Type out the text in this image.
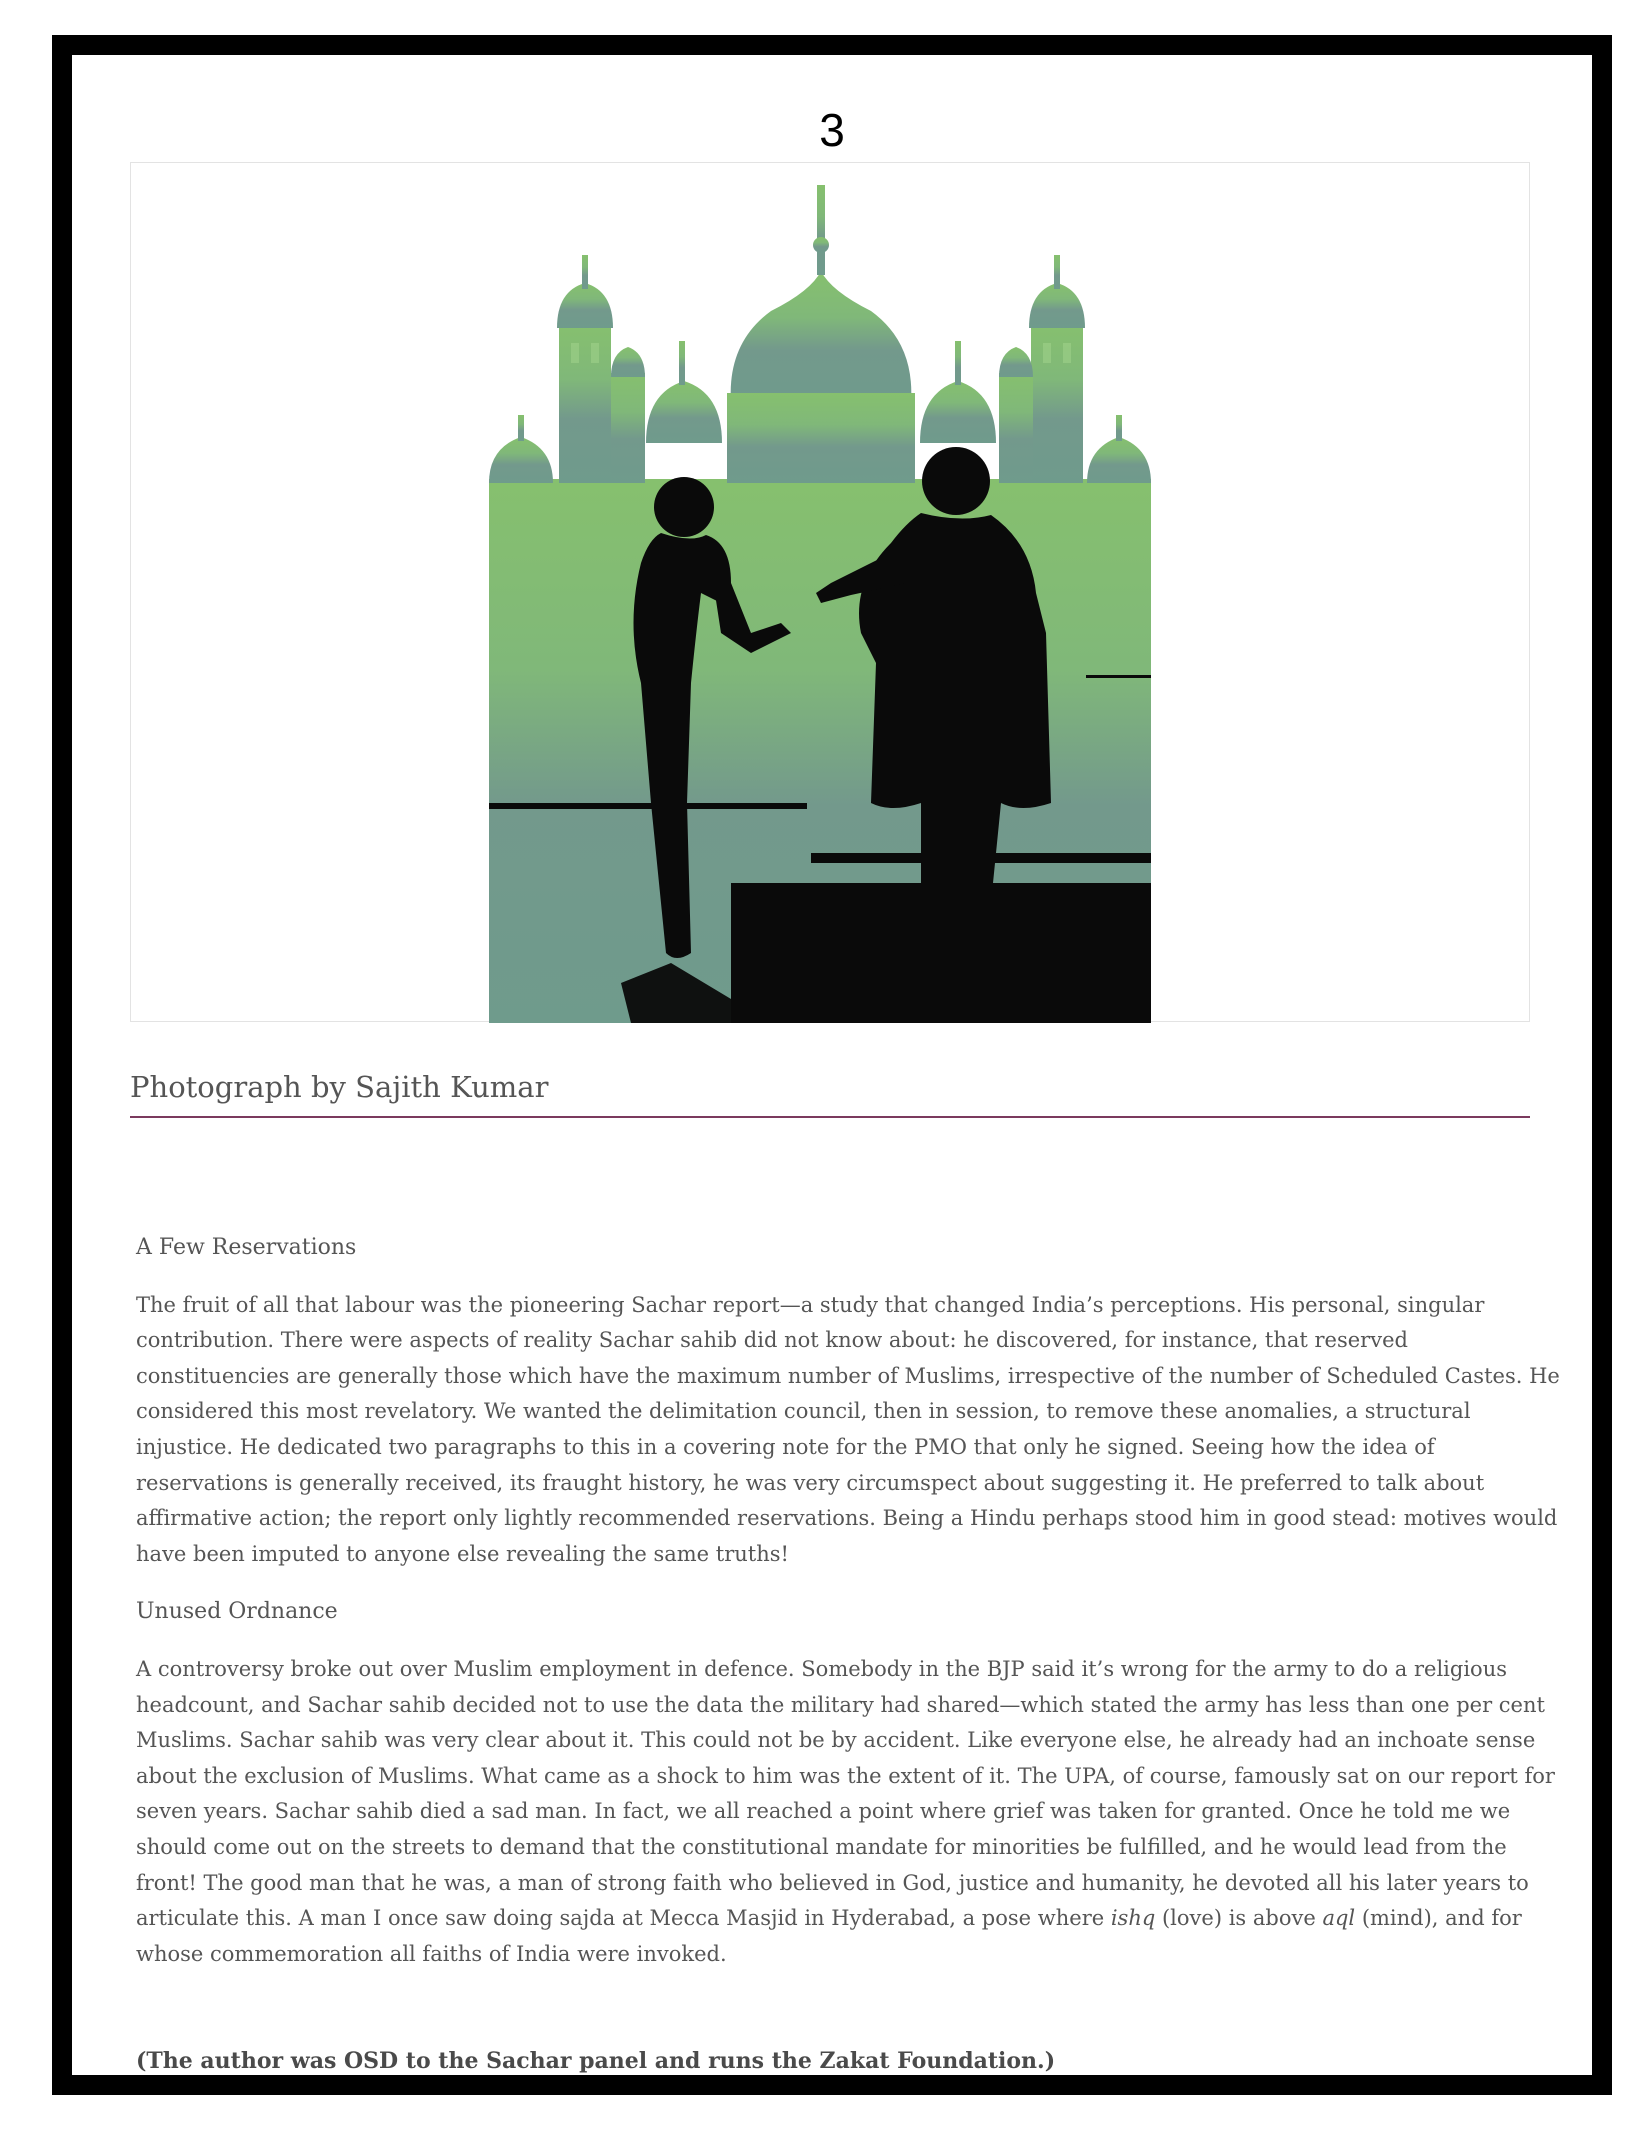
3
Photograph by Sajith Kumar

A Few Reservations

The fruit of all that labour was the pioneering Sachar report—a study that changed India’s perceptions. His personal, singular contribution. There were aspects of reality Sachar sahib did not know about: he discovered, for instance, that reserved constituencies are generally those which have the maximum number of Muslims, irrespective of the number of Scheduled Castes. He considered this most revelatory. We wanted the delimitation council, then in session, to remove these anomalies, a structural injustice. He dedicated two paragraphs to this in a covering note for the PMO that only he signed. Seeing how the idea of reservations is generally received, its fraught history, he was very circumspect about suggesting it. He preferred to talk about affirmative action; the report only lightly recommended reservations. Being a Hindu perhaps stood him in good stead: motives would have been imputed to anyone else revealing the same truths!

Unused Ordnance

A controversy broke out over Muslim employment in defence. Somebody in the BJP said it’s wrong for the army to do a religious headcount, and Sachar sahib decided not to use the data the military had shared—which stated the army has less than one per cent Muslims. Sachar sahib was very clear about it. This could not be by accident. Like everyone else, he already had an inchoate sense about the exclusion of Muslims. What came as a shock to him was the extent of it. The UPA, of course, famously sat on our report for seven years. Sachar sahib died a sad man. In fact, we all reached a point where grief was taken for granted. Once he told me we should come out on the streets to demand that the constitutional mandate for minorities be fulfilled, and he would lead from the front! The good man that he was, a man of strong faith who believed in God, justice and humanity, he devoted all his later years to articulate this. A man I once saw doing sajda at Mecca Masjid in Hyderabad, a pose where ishq (love) is above aql (mind), and for whose commemoration all faiths of India were invoked.

(The author was OSD to the Sachar panel and runs the Zakat Foundation.)
